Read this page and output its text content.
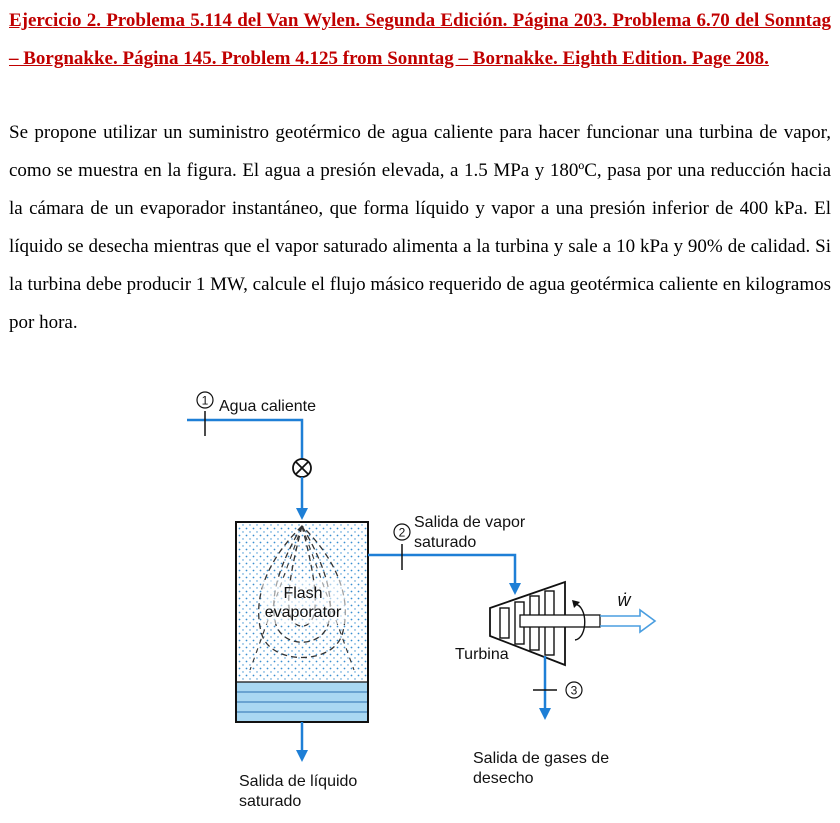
Ejercicio 2. Problema 5.114 del Van Wylen. Segunda Edición. Página 203. Problema 6.70 del Sonntag – Borgnakke. Página 145. Problem 4.125 from Sonntag – Bornakke. Eighth Edition. Page 208.
Se propone utilizar un suministro geotérmico de agua caliente para hacer funcionar una turbina de vapor, como se muestra en la figura. El agua a presión elevada, a 1.5 MPa y 180ºC, pasa por una reducción hacia la cámara de un evaporador instantáneo, que forma líquido y vapor a una presión inferior de 400 kPa. El líquido se desecha mientras que el vapor saturado alimenta a la turbina y sale a 10 kPa y 90% de calidad. Si la turbina debe producir 1 MW, calcule el flujo másico requerido de agua geotérmica caliente en kilogramos por hora.
1 Agua caliente
Flash
evaporator
Salida de líquido
saturado
2
Salida de vapor
saturado
ẇ
Turbina
3
Salida de gases de
desecho
